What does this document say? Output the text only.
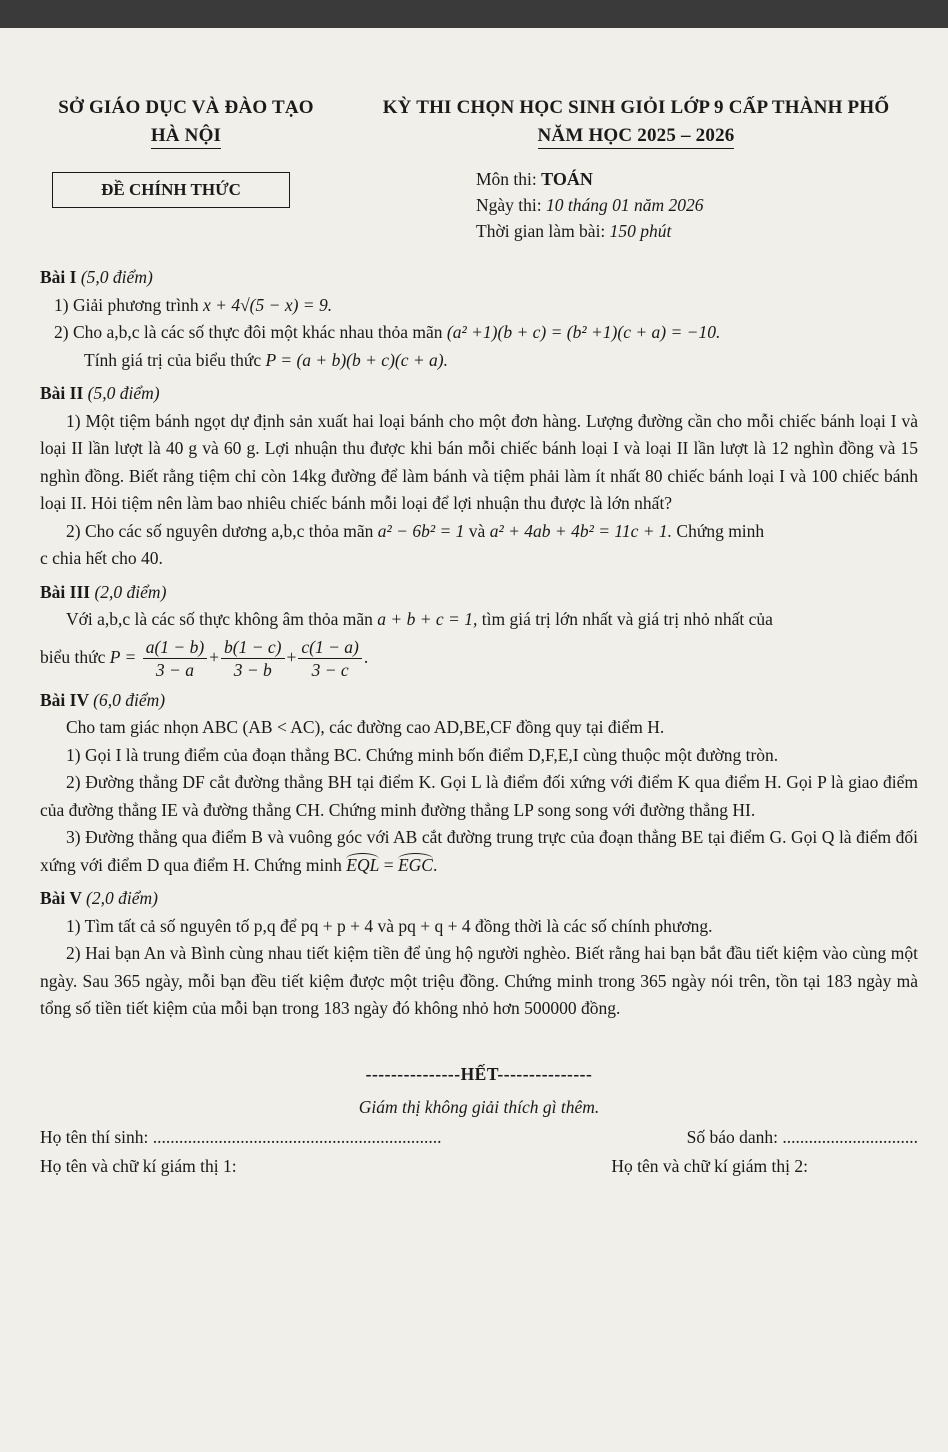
SỞ GIÁO DỤC VÀ ĐÀO TẠO
HÀ NỘI
KỲ THI CHỌN HỌC SINH GIỎI LỚP 9 CẤP THÀNH PHỐ
NĂM HỌC 2025 – 2026
ĐỀ CHÍNH THỨC
Môn thi: TOÁN
Ngày thi: 10 tháng 01 năm 2026
Thời gian làm bài: 150 phút
Bài I (5,0 điểm)
1) Giải phương trình x + 4√(5 − x) = 9.
2) Cho a,b,c là các số thực đôi một khác nhau thỏa mãn (a² +1)(b + c) = (b² +1)(c + a) = −10.
Tính giá trị của biểu thức P = (a + b)(b + c)(c + a).
Bài II (5,0 điểm)
1) Một tiệm bánh ngọt dự định sản xuất hai loại bánh cho một đơn hàng. Lượng đường cần cho mỗi chiếc bánh loại I và loại II lần lượt là 40 g và 60 g. Lợi nhuận thu được khi bán mỗi chiếc bánh loại I và loại II lần lượt là 12 nghìn đồng và 15 nghìn đồng. Biết rằng tiệm chỉ còn 14kg đường để làm bánh và tiệm phải làm ít nhất 80 chiếc bánh loại I và 100 chiếc bánh loại II. Hỏi tiệm nên làm bao nhiêu chiếc bánh mỗi loại để lợi nhuận thu được là lớn nhất?
2) Cho các số nguyên dương a,b,c thỏa mãn a² − 6b² = 1 và a² + 4ab + 4b² = 11c + 1. Chứng minh
c chia hết cho 40.
Bài III (2,0 điểm)
Với a,b,c là các số thực không âm thỏa mãn a + b + c = 1, tìm giá trị lớn nhất và giá trị nhỏ nhất của
biểu thức $P = \frac{a(1 - b)}{3 - a} + \frac{b(1 - c)}{3 - b} + \frac{c(1 - a)}{3 - c}$ .
Bài IV (6,0 điểm)
Cho tam giác nhọn ABC (AB < AC), các đường cao AD,BE,CF đồng quy tại điểm H.
1) Gọi I là trung điểm của đoạn thẳng BC. Chứng minh bốn điểm D,F,E,I cùng thuộc một đường tròn.
2) Đường thẳng DF cắt đường thẳng BH tại điểm K. Gọi L là điểm đối xứng với điểm K qua điểm H. Gọi P là giao điểm của đường thẳng IE và đường thẳng CH. Chứng minh đường thẳng LP song song với đường thẳng HI.
3) Đường thẳng qua điểm B và vuông góc với AB cắt đường trung trực của đoạn thẳng BE tại điểm G. Gọi Q là điểm đối xứng với điểm D qua điểm H. Chứng minh EQL = EGC.
Bài V (2,0 điểm)
1) Tìm tất cả số nguyên tố p,q để pq + p + 4 và pq + q + 4 đồng thời là các số chính phương.
2) Hai bạn An và Bình cùng nhau tiết kiệm tiền để ủng hộ người nghèo. Biết rằng hai bạn bắt đầu tiết kiệm vào cùng một ngày. Sau 365 ngày, mỗi bạn đều tiết kiệm được một triệu đồng. Chứng minh trong 365 ngày nói trên, tồn tại 183 ngày mà tổng số tiền tiết kiệm của mỗi bạn trong 183 ngày đó không nhỏ hơn 500000 đồng.
---------------HẾT---------------
Giám thị không giải thích gì thêm.
Họ tên thí sinh: ..................................................................	Số báo danh: ...............................
Họ tên và chữ kí giám thị 1:	Họ tên và chữ kí giám thị 2:
